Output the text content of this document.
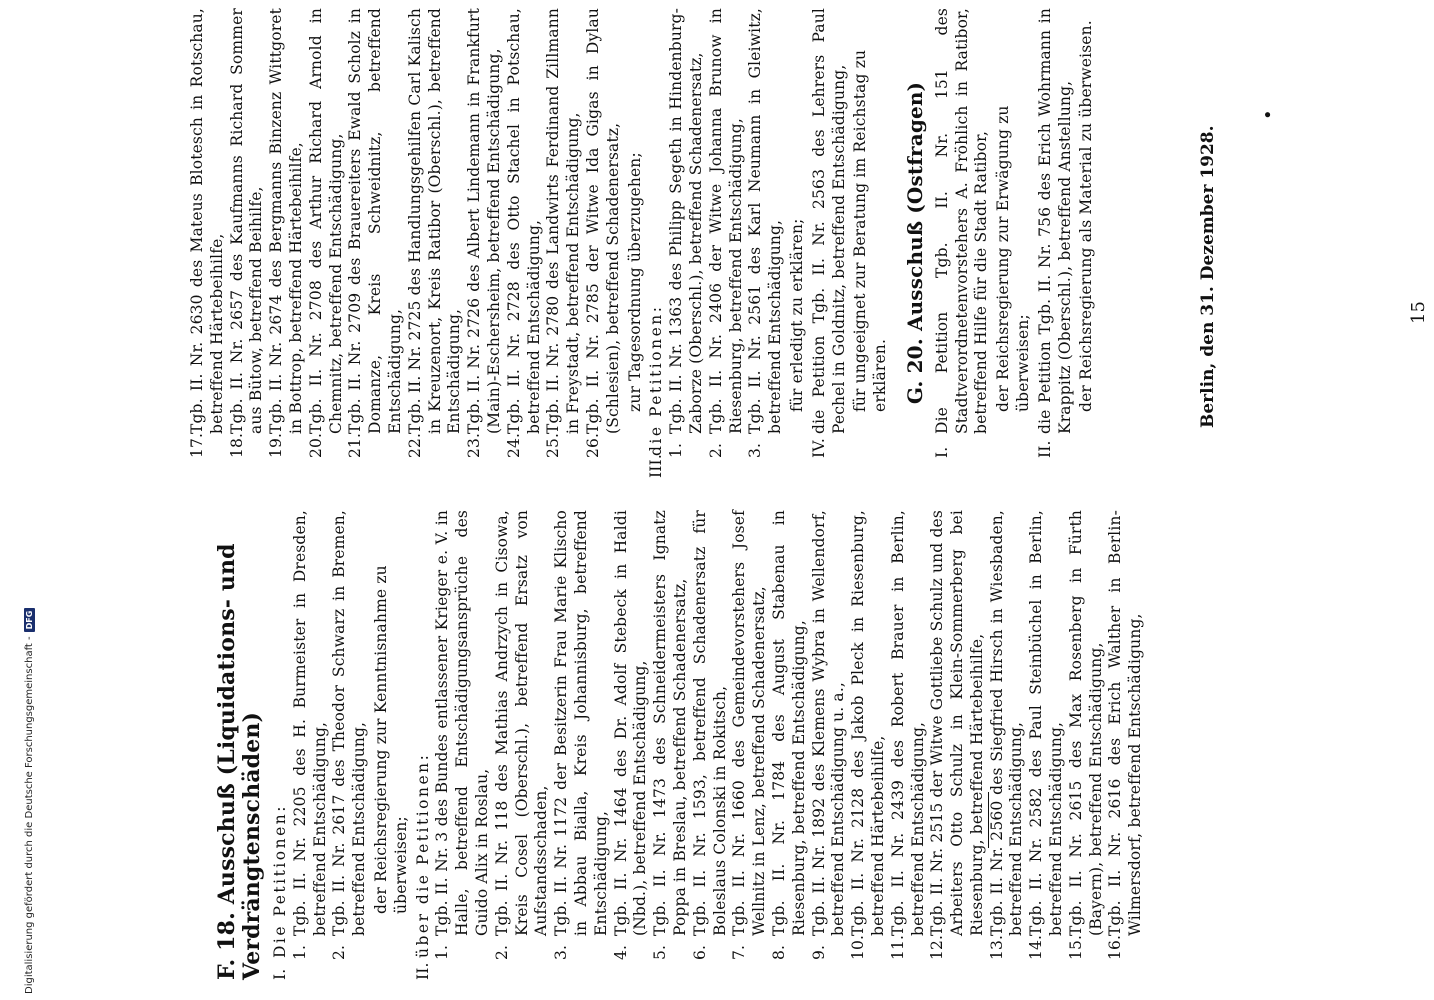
15
F. 18. Ausschuß (Liquidations- und Verdrängtenschäden) I.Die Petitionen: 1.Tgb. II. Nr. 2205 des H. Burmeister in Dresden, betreffend Entschädigung,

2.Tgb. II. Nr. 2617 des Theodor Schwarz in Bremen, betreffend Entschädigung, der Reichsregierung zur Kenntnisnahme zu überweisen;

II.über die Petitionen: 1.Tgb. II. Nr. 3 des Bundes entlassener Krieger e. V. in Halle, betreffend Entschädigungsansprüche des Guido Alix in Roslau,

2.Tgb. II. Nr. 118 des Mathias Andrzych in Cisowa, Kreis Cosel (Oberschl.), betreffend Ersatz von Aufstandsschaden,

3.Tgb. II. Nr. 1172 der Besitzerin Frau Marie Klischo in Abbau Bialla, Kreis Johannisburg, betreffend Entschädigung,

4.Tgb. II. Nr. 1464 des Dr. Adolf Stebeck in Haldi (Nbd.), betreffend Entschädigung,

5.Tgb. II. Nr. 1473 des Schneidermeisters Ignatz Poppa in Breslau, betreffend Schadenersatz,

6.Tgb. II. Nr. 1593, betreffend Schadenersatz für Boleslaus Colonski in Rokitsch,

7.Tgb. II. Nr. 1660 des Gemeindevorstehers Josef Wellnitz in Lenz, betreffend Schadenersatz,

8.Tgb. II. Nr. 1784 des August Stabenau in Riesenburg, betreffend Entschädigung,

9.Tgb. II. Nr. 1892 des Klemens Wybra in Wellendorf, betreffend Entschädigung u. a.,

10.Tgb. II. Nr. 2128 des Jakob Pleck in Riesenburg, betreffend Härtebeihilfe,

11.Tgb. II. Nr. 2439 des Robert Brauer in Berlin, betreffend Entschädigung,

12.Tgb. II. Nr. 2515 der Witwe Gottliebe Schulz und des Arbeiters Otto Schulz in Klein-Sommerberg bei Riesenburg, betreffend Härtebeihilfe,

13.Tgb. II. Nr. 2560 des Siegfried Hirsch in Wiesbaden, betreffend Entschädigung,

14.Tgb. II. Nr. 2582 des Paul Steinbüchel in Berlin, betreffend Entschädigung,

15.Tgb. II. Nr. 2615 des Max Rosenberg in Fürth (Bayern), betreffend Entschädigung,

16.Tgb. II. Nr. 2616 des Erich Walther in Berlin-Wilmersdorf, betreffend Entschädigung,

17.Tgb. II. Nr. 2630 des Mateus Blotesch in Rotschau, betreffend Härtebeihilfe,

18.Tgb. II. Nr. 2657 des Kaufmanns Richard Sommer aus Bütow, betreffend Beihilfe,

19.Tgb. II. Nr. 2674 des Bergmanns Binzenz Wittgoret in Bottrop, betreffend Härtebeihilfe,

20.Tgb. II. Nr. 2708 des Arthur Richard Arnold in Chemnitz, betreffend Entschädigung,

21.Tgb. II. Nr. 2709 des Brauereiters Ewald Scholz in Domanze, Kreis Schweidnitz, betreffend Entschädigung,

22.Tgb. II. Nr. 2725 des Handlungsgehilfen Carl Kalisch in Kreuzenort, Kreis Ratibor (Oberschl.), betreffend Entschädigung,

23.Tgb. II. Nr. 2726 des Albert Lindemann in Frankfurt (Main)-Eschersheim, betreffend Entschädigung,

24.Tgb. II. Nr. 2728 des Otto Stachel in Potschau, betreffend Entschädigung,

25.Tgb. II. Nr. 2780 des Landwirts Ferdinand Zillmann in Freystadt, betreffend Entschädigung,

26.Tgb. II. Nr. 2785 der Witwe Ida Gigas in Dylau (Schlesien), betreffend Schadenersatz, zur Tagesordnung überzugehen;

III.die Petitionen: 1.Tgb. II. Nr. 1363 des Philipp Segeth in Hindenburg-Zaborze (Oberschl.), betreffend Schadenersatz,

2.Tgb. II. Nr. 2406 der Witwe Johanna Brunow in Riesenburg, betreffend Entschädigung,

3.Tgb. II. Nr. 2561 des Karl Neumann in Gleiwitz, betreffend Entschädigung, für erledigt zu erklären;

IV.die Petition Tgb. II. Nr. 2563 des Lehrers Paul Pechel in Goldnitz, betreffend Entschädigung, für ungeeignet zur Beratung im Reichstag zu erklären. G. 20. Ausschuß (Ostfragen)

I.Die Petition Tgb. II. Nr. 151 des Stadtverordnetenvorstehers A. Fröhlich in Ratibor, betreffend Hilfe für die Stadt Ratibor, der Reichsregierung zur Erwägung zu überweisen;

II.die Petition Tgb. II. Nr. 756 des Erich Wohrmann in Krappitz (Oberschl.), betreffend Anstellung, der Reichsregierung als Material zu überweisen.	Berlin, den 31. Dezember 1928.
•
Digitalisierung gefördert durch die Deutsche Forschungsgemeinschaft -
DFG
